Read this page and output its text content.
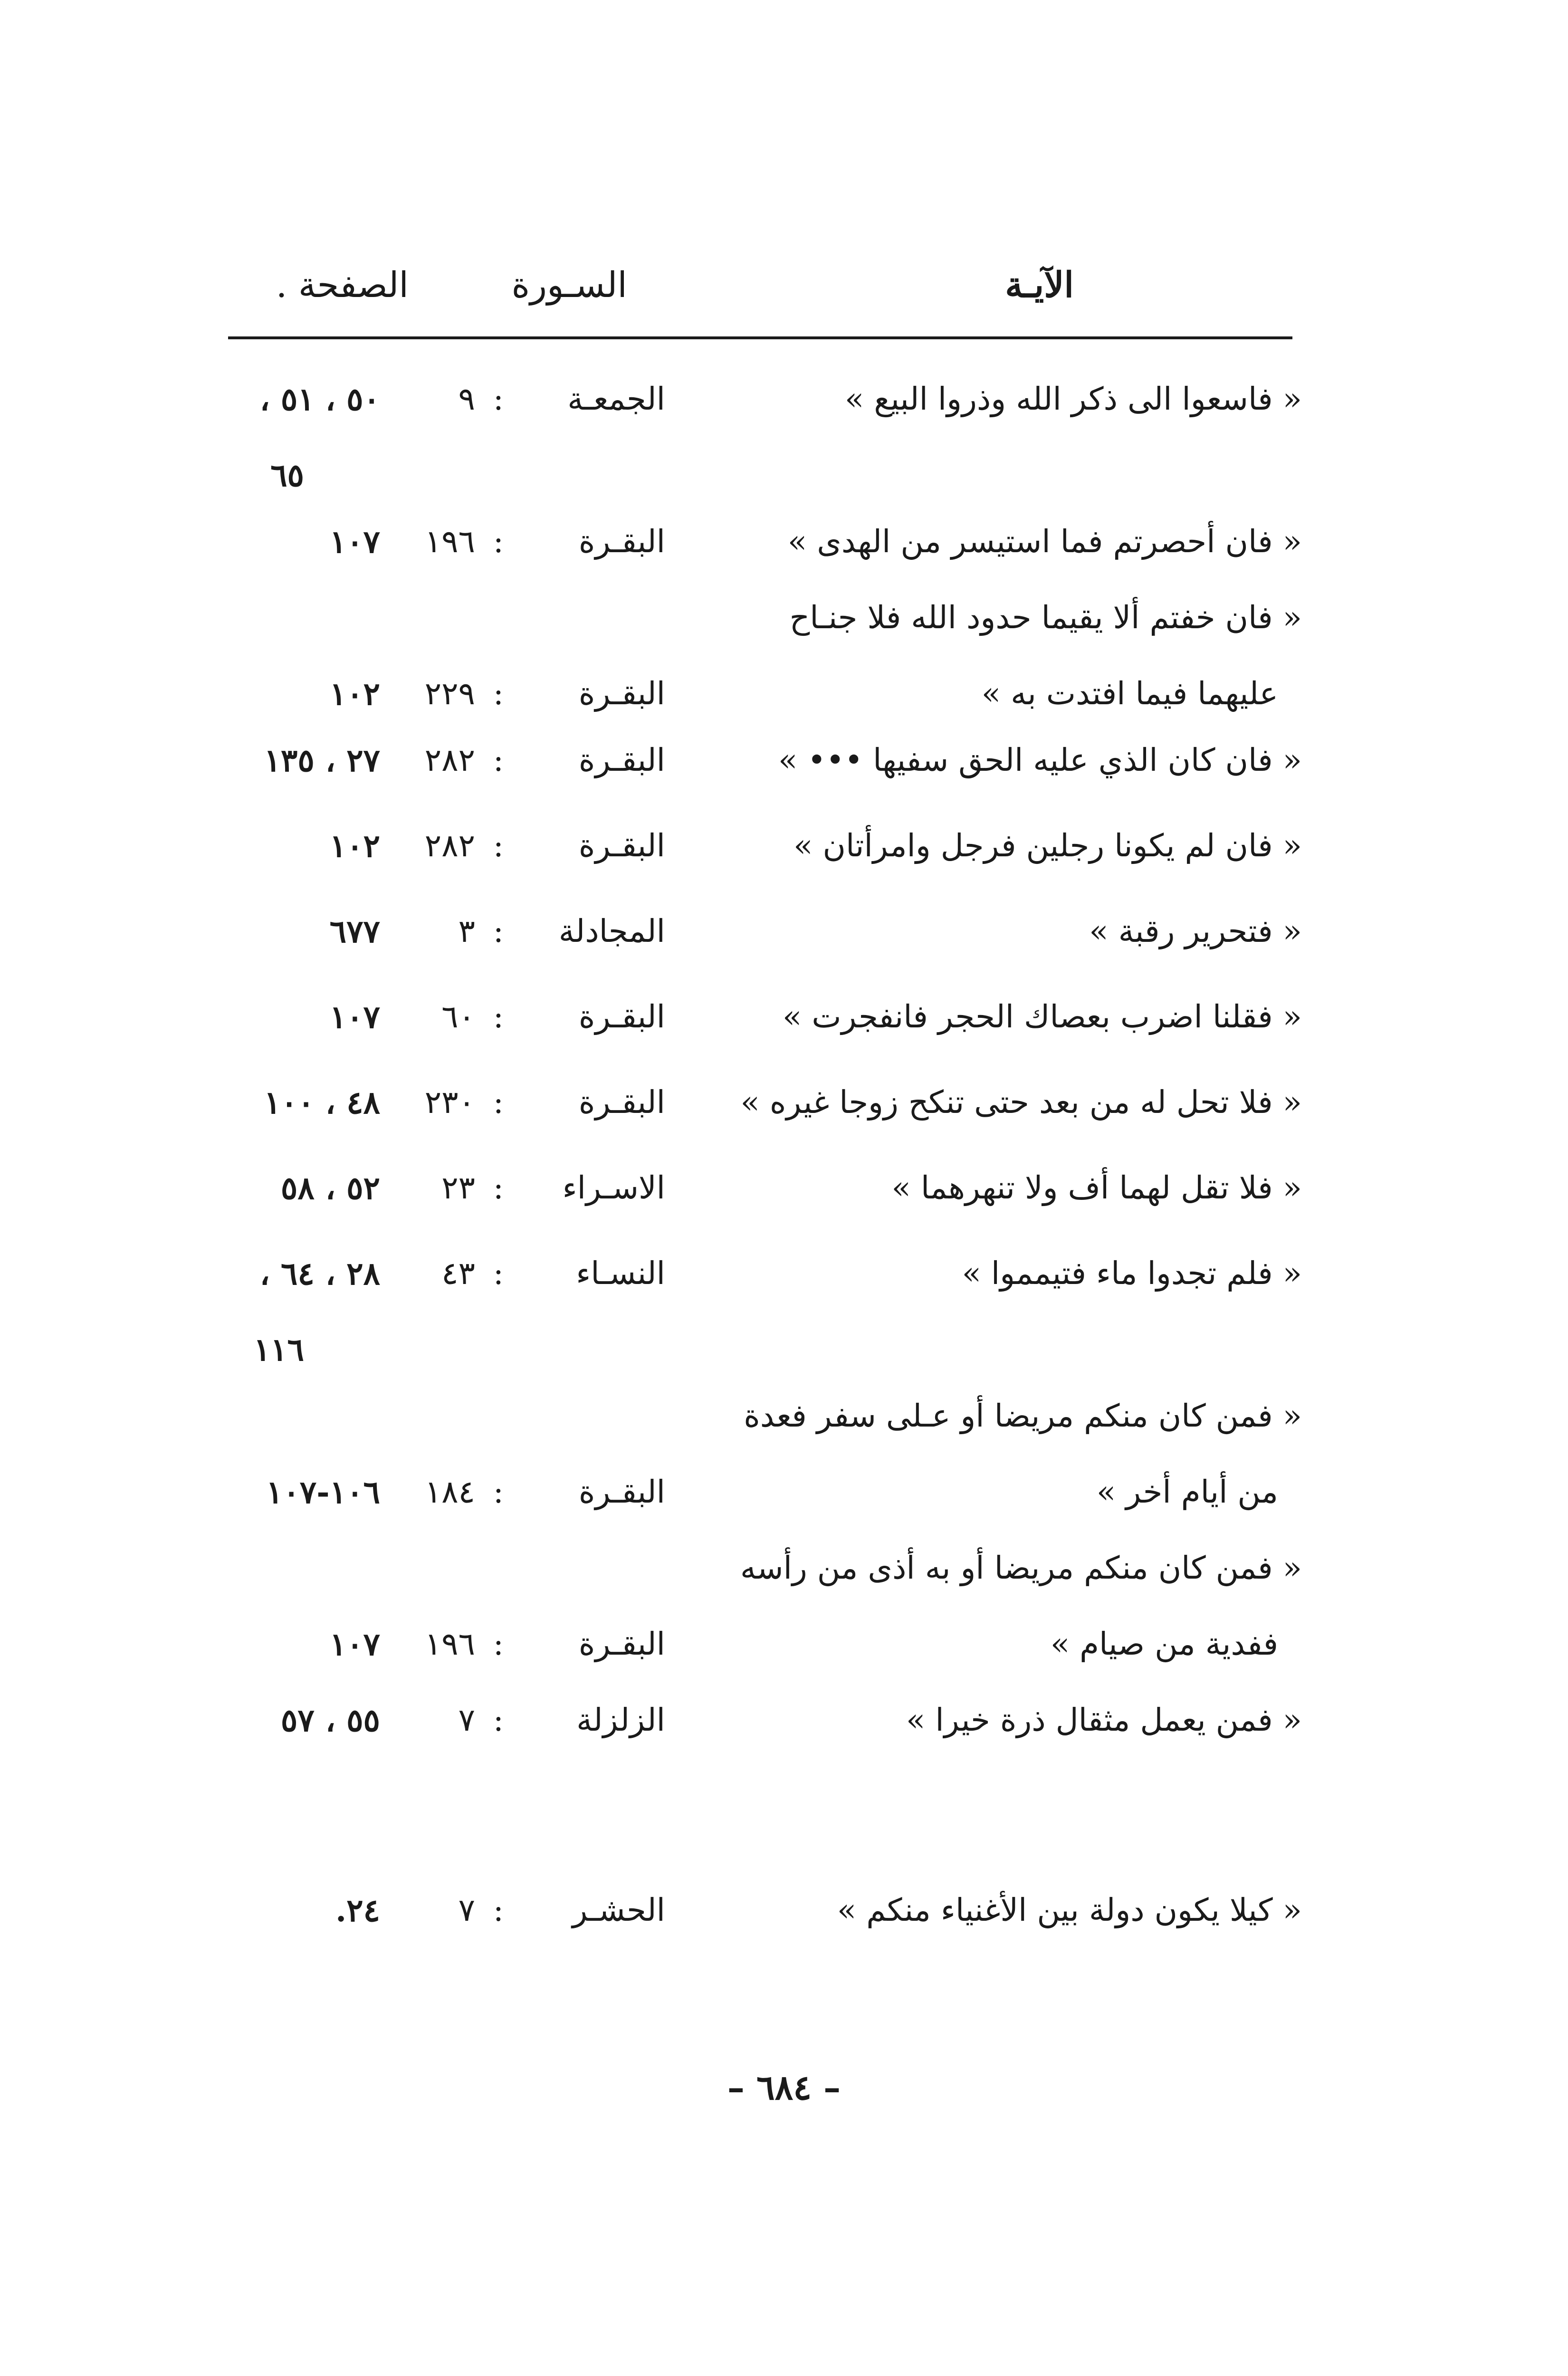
الآيـة
السـورة
الصفحة .
« فاسعوا الى ذكر الله وذروا البيع »
الجمعـة
:
٩
٥٠ ، ٥١ ،
٦٥
« فان أحصرتم فما استيسر من الهدى »
البقـرة
:
١٩٦
١٠٧
« فان خفتم ألا يقيما حدود الله فلا جنـاح
عليهما فيما افتدت به »
البقـرة
:
٢٢٩
١٠٢
« فان كان الذي عليه الحق سفيها ••• »
البقـرة
:
٢٨٢
٢٧ ، ١٣٥
« فان لم يكونا رجلين فرجل وامرأتان »
البقـرة
:
٢٨٢
١٠٢
« فتحرير رقبة »
المجادلة
:
٣
٦٧٧
« فقلنا اضرب بعصاك الحجر فانفجرت »
البقـرة
:
٦٠
١٠٧
« فلا تحل له من بعد حتى تنكح زوجا غيره »
البقـرة
:
٢٣٠
٤٨ ، ١٠٠
« فلا تقل لهما أف ولا تنهرهما »
الاسـراء
:
٢٣
٥٢ ، ٥٨
« فلم تجدوا ماء فتيمموا »
النسـاء
:
٤٣
٢٨ ، ٦٤ ،
١١٦
« فمن كان منكم مريضا أو عـلى سفر فعدة
من أيام أخر »
البقـرة
:
١٨٤
١٠٦-١٠٧
« فمن كان منكم مريضا أو به أذى من رأسه
ففدية من صيام »
البقـرة
:
١٩٦
١٠٧
« فمن يعمل مثقال ذرة خيرا »
الزلزلة
:
٧
٥٥ ، ٥٧
« كيلا يكون دولة بين الأغنياء منكم »
الحشـر
:
٧
٢٤.
– ٦٨٤ –
